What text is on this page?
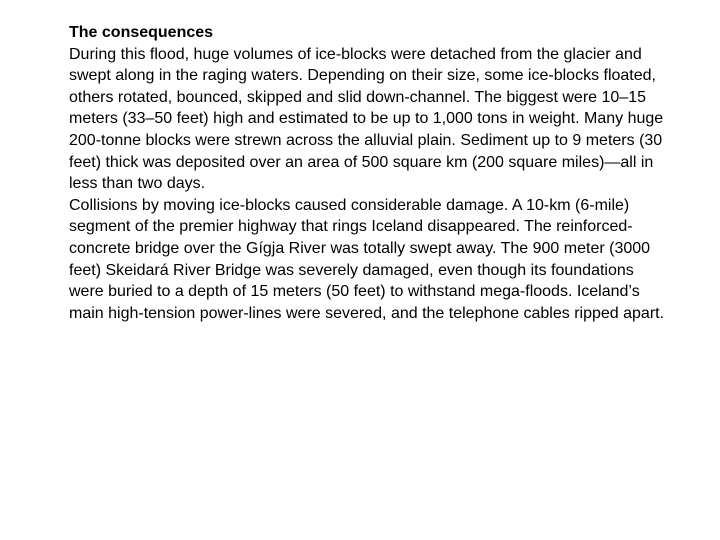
The consequences

During this flood, huge volumes of ice-blocks were detached from the glacier and swept along in the raging waters. Depending on their size, some ice-blocks floated, others rotated, bounced, skipped and slid down-channel. The biggest were 10–15 meters (33–50 feet) high and estimated to be up to 1,000 tons in weight. Many huge 200-tonne blocks were strewn across the alluvial plain. Sediment up to 9 meters (30 feet) thick was deposited over an area of 500 square km (200 square miles)—all in less than two days.

Collisions by moving ice-blocks caused considerable damage. A 10-km (6-mile) segment of the premier highway that rings Iceland disappeared. The reinforced-concrete bridge over the Gígja River was totally swept away. The 900 meter (3000 feet) Skeidará River Bridge was severely damaged, even though its foundations were buried to a depth of 15 meters (50 feet) to withstand mega-floods. Iceland’s main high-tension power-lines were severed, and the telephone cables ripped apart.
